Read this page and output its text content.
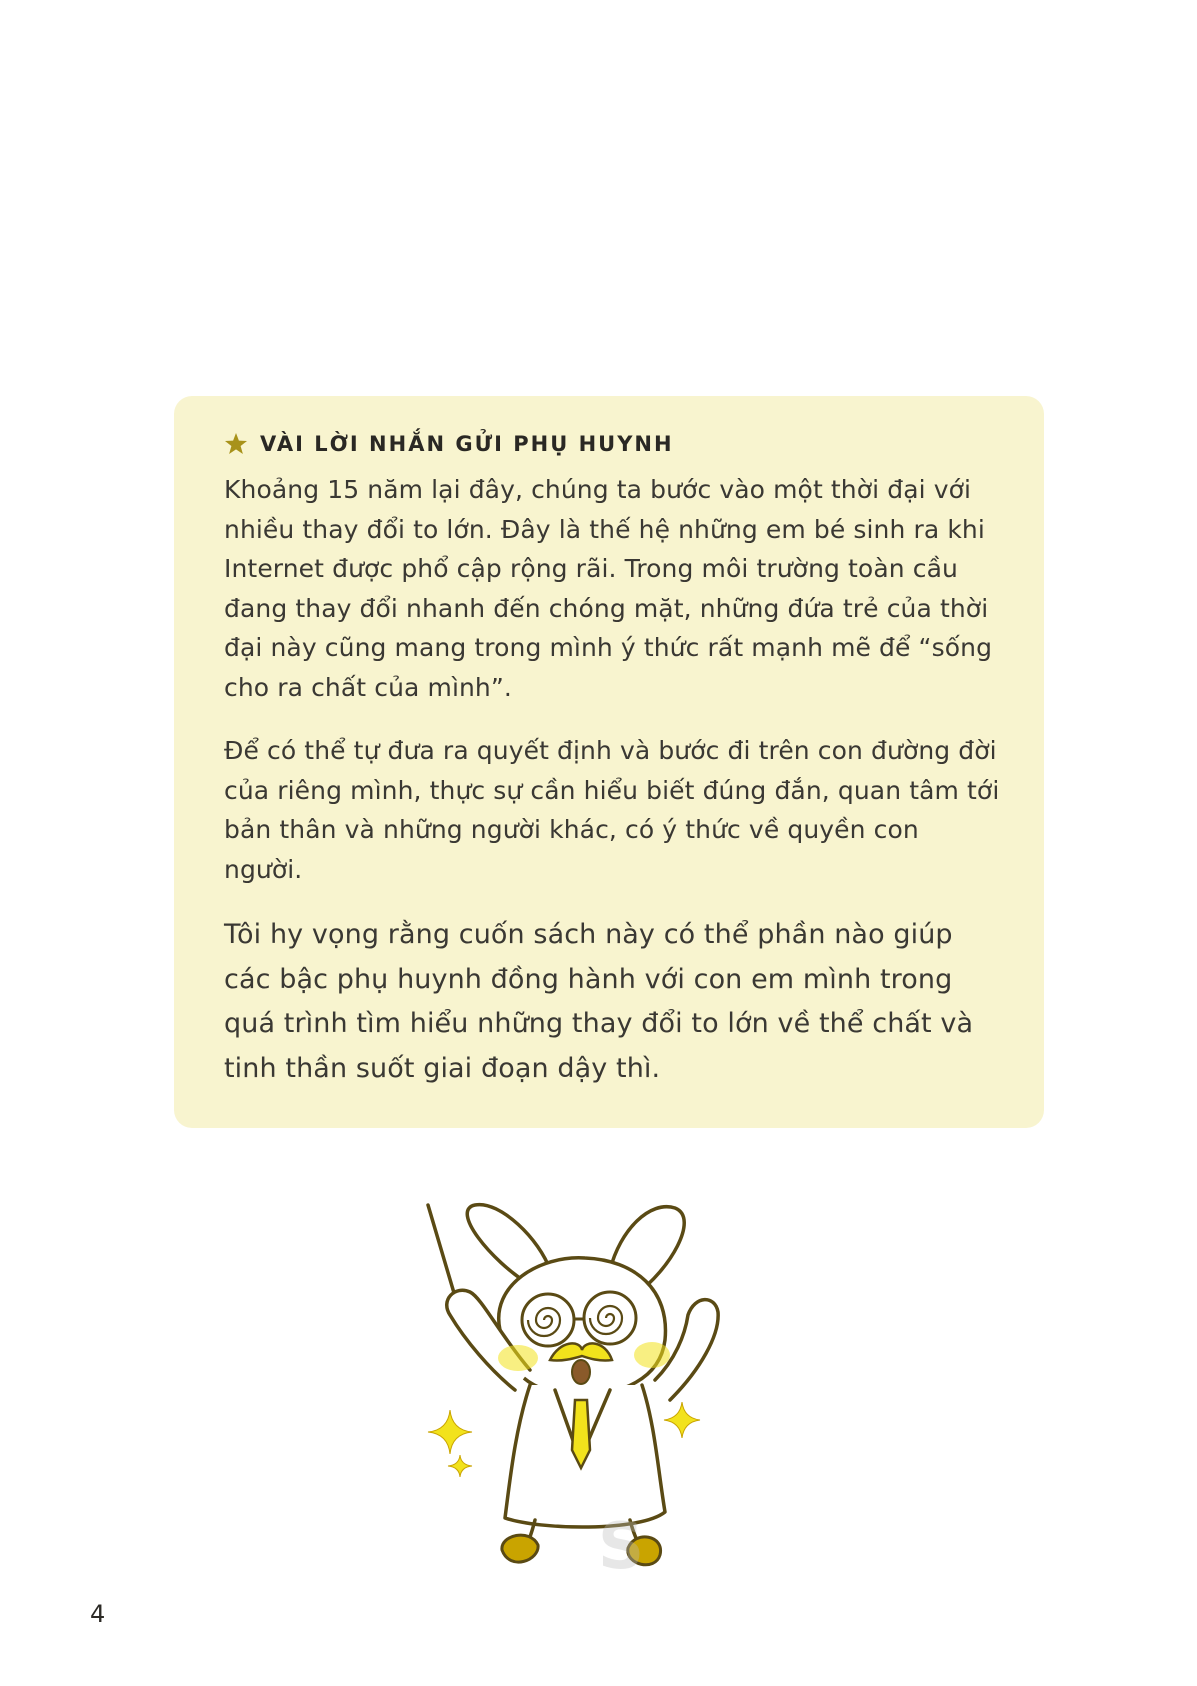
VÀI LỜI NHẮN GỬI PHỤ HUYNH

Khoảng 15 năm lại đây, chúng ta bước vào một thời đại với nhiều thay đổi to lớn. Đây là thế hệ những em bé sinh ra khi Internet được phổ cập rộng rãi. Trong môi trường toàn cầu đang thay đổi nhanh đến chóng mặt, những đứa trẻ của thời đại này cũng mang trong mình ý thức rất mạnh mẽ để “sống cho ra chất của mình”.

Để có thể tự đưa ra quyết định và bước đi trên con đường đời của riêng mình, thực sự cần hiểu biết đúng đắn, quan tâm tới bản thân và những người khác, có ý thức về quyền con người.

Tôi hy vọng rằng cuốn sách này có thể phần nào giúp các bậc phụ huynh đồng hành với con em mình trong quá trình tìm hiểu những thay đổi to lớn về thể chất và tinh thần suốt giai đoạn dậy thì.

S
4
